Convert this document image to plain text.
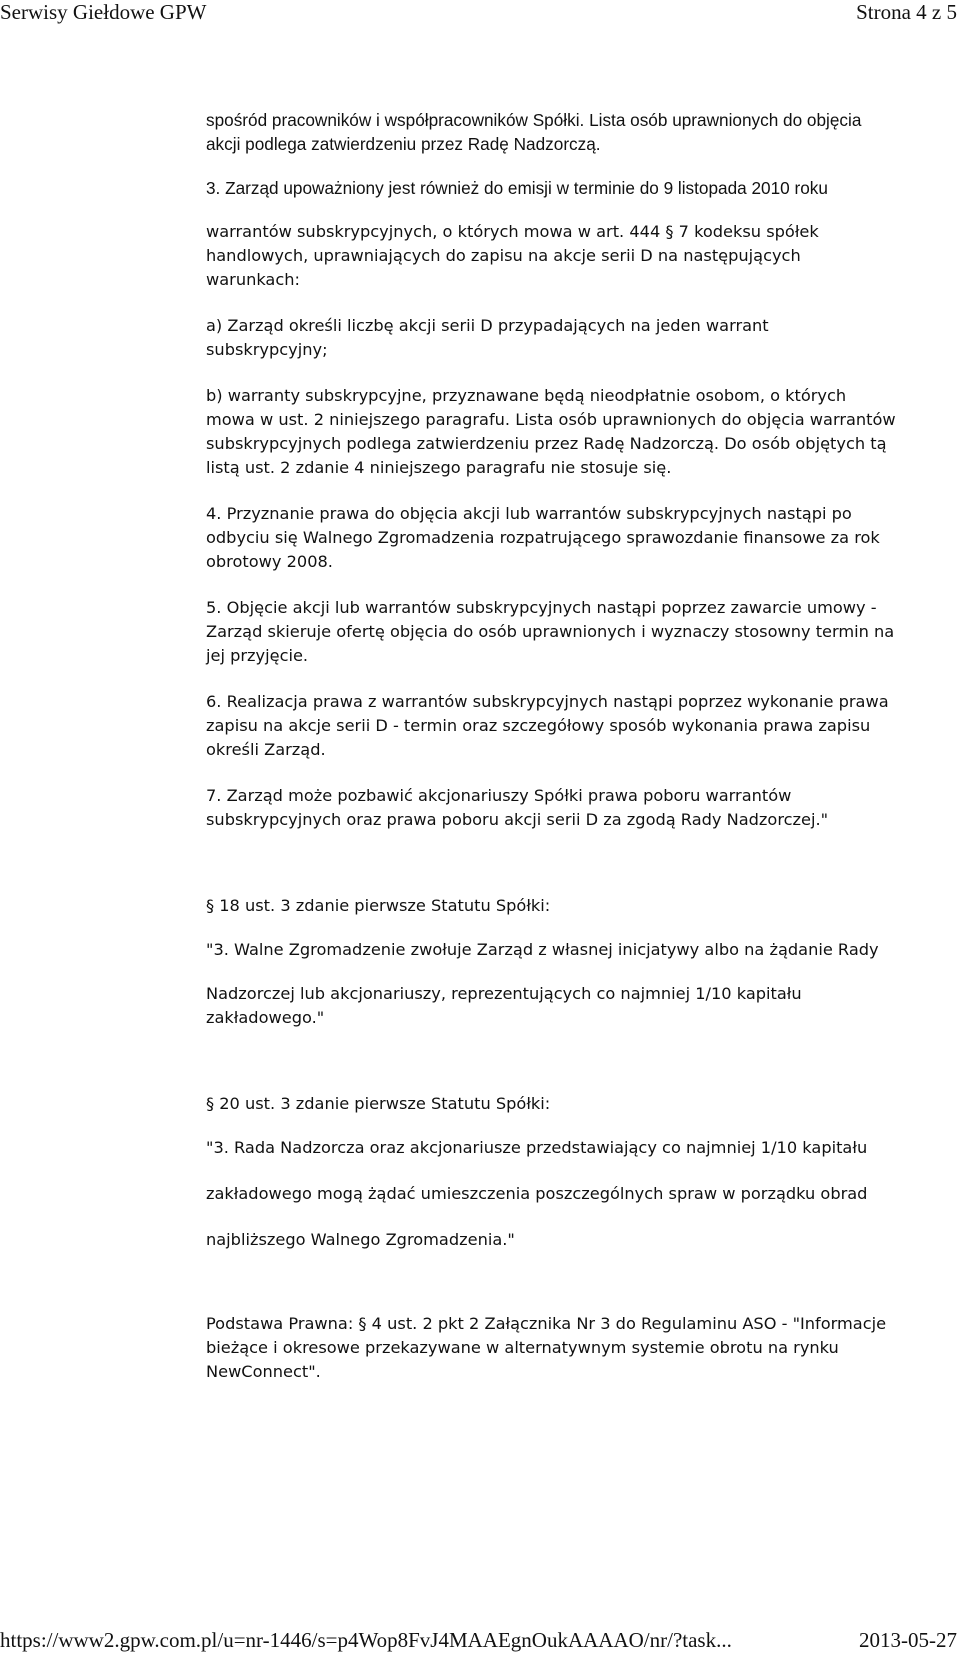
Serwisy Giełdowe GPW	Strona 4 z 5

spośród pracowników i współpracowników Spółki. Lista osób uprawnionych do objęcia akcji podlega zatwierdzeniu przez Radę Nadzorczą.

3. Zarząd upoważniony jest również do emisji w terminie do 9 listopada 2010 roku

warrantów subskrypcyjnych, o których mowa w art. 444 § 7 kodeksu spółek handlowych, uprawniających do zapisu na akcje serii D na następujących warunkach:

a) Zarząd określi liczbę akcji serii D przypadających na jeden warrant subskrypcyjny;

b) warranty subskrypcyjne, przyznawane będą nieodpłatnie osobom, o których mowa w ust. 2 niniejszego paragrafu. Lista osób uprawnionych do objęcia warrantów subskrypcyjnych podlega zatwierdzeniu przez Radę Nadzorczą. Do osób objętych tą listą ust. 2 zdanie 4 niniejszego paragrafu nie stosuje się.

4. Przyznanie prawa do objęcia akcji lub warrantów subskrypcyjnych nastąpi po odbyciu się Walnego Zgromadzenia rozpatrującego sprawozdanie finansowe za rok obrotowy 2008.

5. Objęcie akcji lub warrantów subskrypcyjnych nastąpi poprzez zawarcie umowy - Zarząd skieruje ofertę objęcia do osób uprawnionych i wyznaczy stosowny termin na jej przyjęcie.

6. Realizacja prawa z warrantów subskrypcyjnych nastąpi poprzez wykonanie prawa zapisu na akcje serii D - termin oraz szczegółowy sposób wykonania prawa zapisu określi Zarząd.

7. Zarząd może pozbawić akcjonariuszy Spółki prawa poboru warrantów subskrypcyjnych oraz prawa poboru akcji serii D za zgodą Rady Nadzorczej."

§ 18 ust. 3 zdanie pierwsze Statutu Spółki:

"3. Walne Zgromadzenie zwołuje Zarząd z własnej inicjatywy albo na żądanie Rady

Nadzorczej lub akcjonariuszy, reprezentujących co najmniej 1/10 kapitału zakładowego."

§ 20 ust. 3 zdanie pierwsze Statutu Spółki:

"3. Rada Nadzorcza oraz akcjonariusze przedstawiający co najmniej 1/10 kapitału

zakładowego mogą żądać umieszczenia poszczególnych spraw w porządku obrad

najbliższego Walnego Zgromadzenia."

Podstawa Prawna: § 4 ust. 2 pkt 2 Załącznika Nr 3 do Regulaminu ASO - "Informacje bieżące i okresowe przekazywane w alternatywnym systemie obrotu na rynku NewConnect".

https://www2.gpw.com.pl/u=nr-1446/s=p4Wop8FvJ4MAAEgnOukAAAAO/nr/?task...	2013-05-27
